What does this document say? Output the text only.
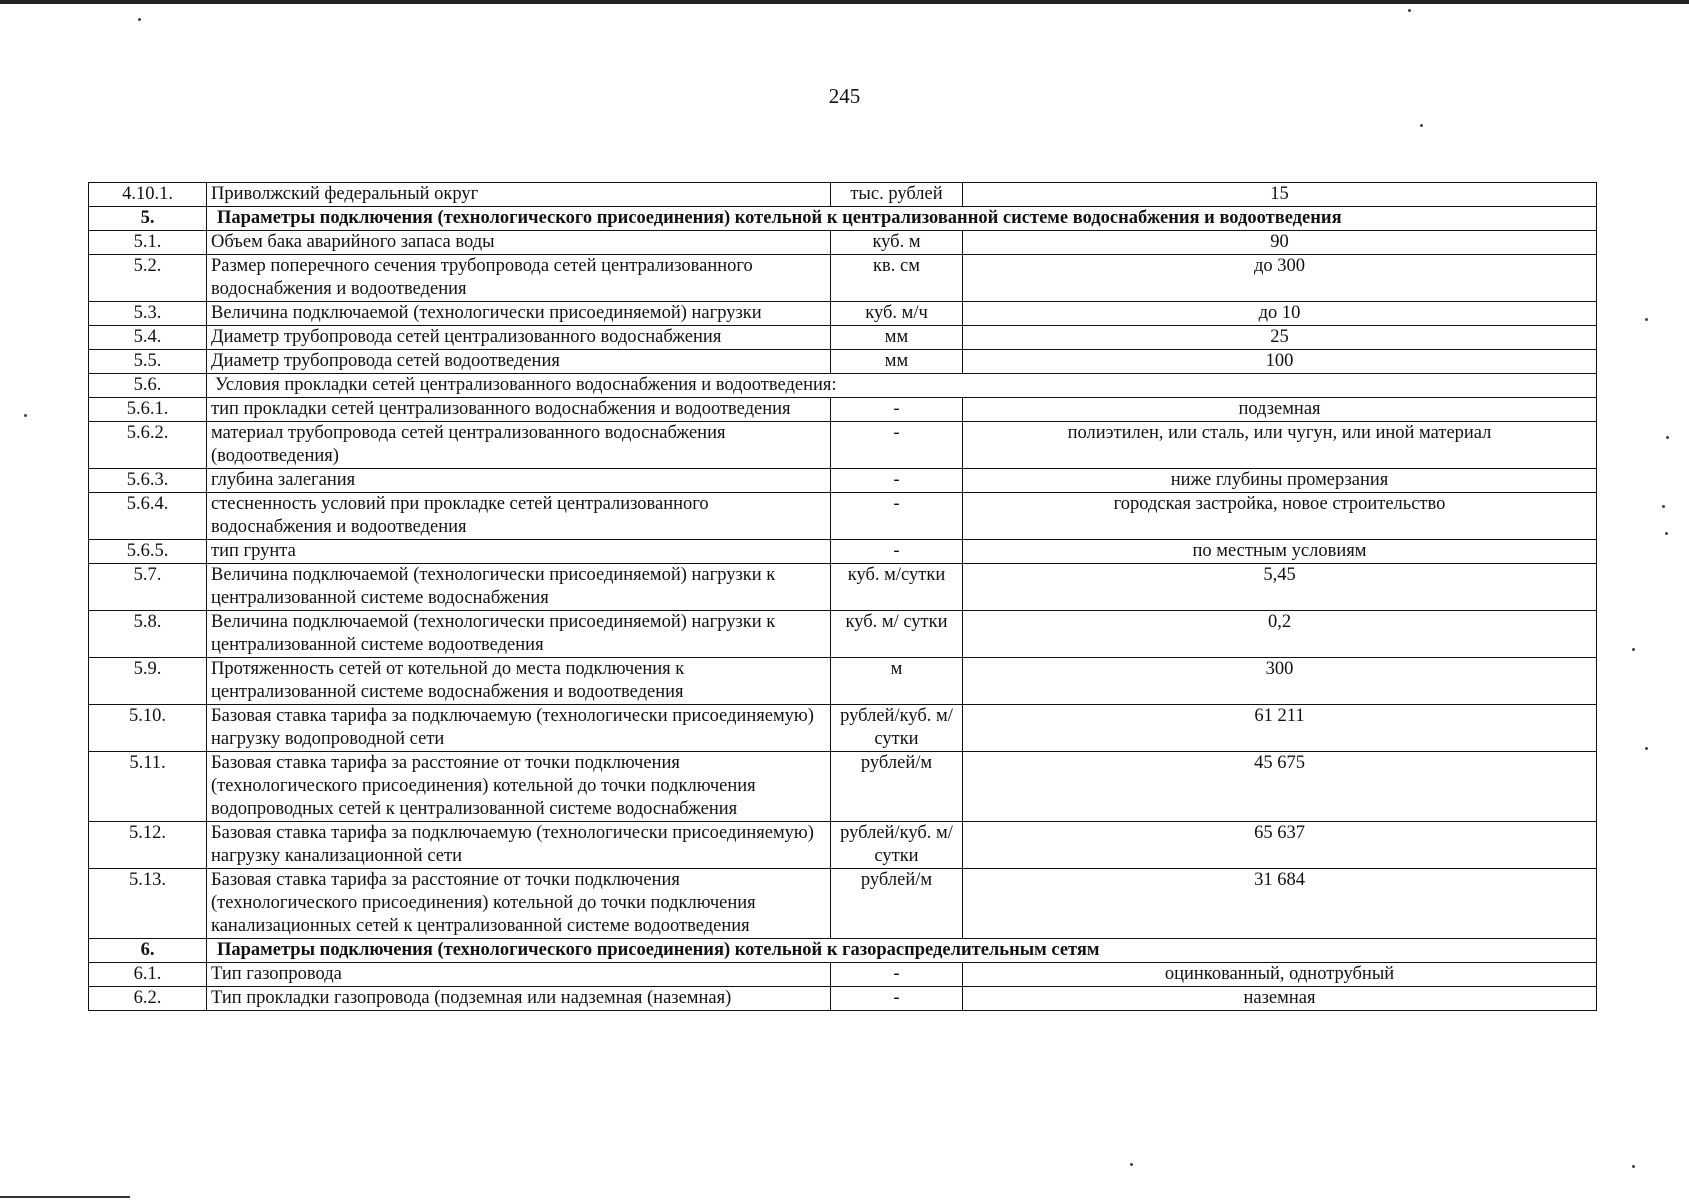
245
4.10.1.	Приволжский федеральный округ	тыс. рублей	15
5.	Параметры подключения (технологического присоединения) котельной к централизованной системе водоснабжения и водоотведения		
5.1.	Объем бака аварийного запаса воды	куб. м	90
5.2.	Размер поперечного сечения трубопровода сетей централизованного водоснабжения и водоотведения	кв. см	до 300
5.3.	Величина подключаемой (технологически присоединяемой) нагрузки	куб. м/ч	до 10
5.4.	Диаметр трубопровода сетей централизованного водоснабжения	мм	25
5.5.	Диаметр трубопровода сетей водоотведения	мм	100
5.6.	Условия прокладки сетей централизованного водоснабжения и водоотведения:		
5.6.1.	тип прокладки сетей централизованного водоснабжения и водоотведения	-	подземная
5.6.2.	материал трубопровода сетей централизованного водоснабжения (водоотведения)	-	полиэтилен, или сталь, или чугун, или иной материал
5.6.3.	глубина залегания	-	ниже глубины промерзания
5.6.4.	стесненность условий при прокладке сетей централизованного водоснабжения и водоотведения	-	городская застройка, новое строительство
5.6.5.	тип грунта	-	по местным условиям
5.7.	Величина подключаемой (технологически присоединяемой) нагрузки к централизованной системе водоснабжения	куб. м/сутки	5,45
5.8.	Величина подключаемой (технологически присоединяемой) нагрузки к централизованной системе водоотведения	куб. м/ сутки	0,2
5.9.	Протяженность сетей от котельной до места подключения к централизованной системе водоснабжения и водоотведения	м	300
5.10.	Базовая ставка тарифа за подключаемую (технологически присоединяемую) нагрузку водопроводной сети	рублей/куб. м/сутки	61 211
5.11.	Базовая ставка тарифа за расстояние от точки подключения (технологического присоединения) котельной до точки подключения водопроводных сетей к централизованной системе водоснабжения	рублей/м	45 675
5.12.	Базовая ставка тарифа за подключаемую (технологически присоединяемую) нагрузку канализационной сети	рублей/куб. м/сутки	65 637
5.13.	Базовая ставка тарифа за расстояние от точки подключения (технологического присоединения) котельной до точки подключения канализационных сетей к централизованной системе водоотведения	рублей/м	31 684
6.	Параметры подключения (технологического присоединения) котельной к газораспределительным сетям		
6.1.	Тип газопровода	-	оцинкованный, однотрубный
6.2.	Тип прокладки газопровода (подземная или надземная (наземная)	-	наземная
